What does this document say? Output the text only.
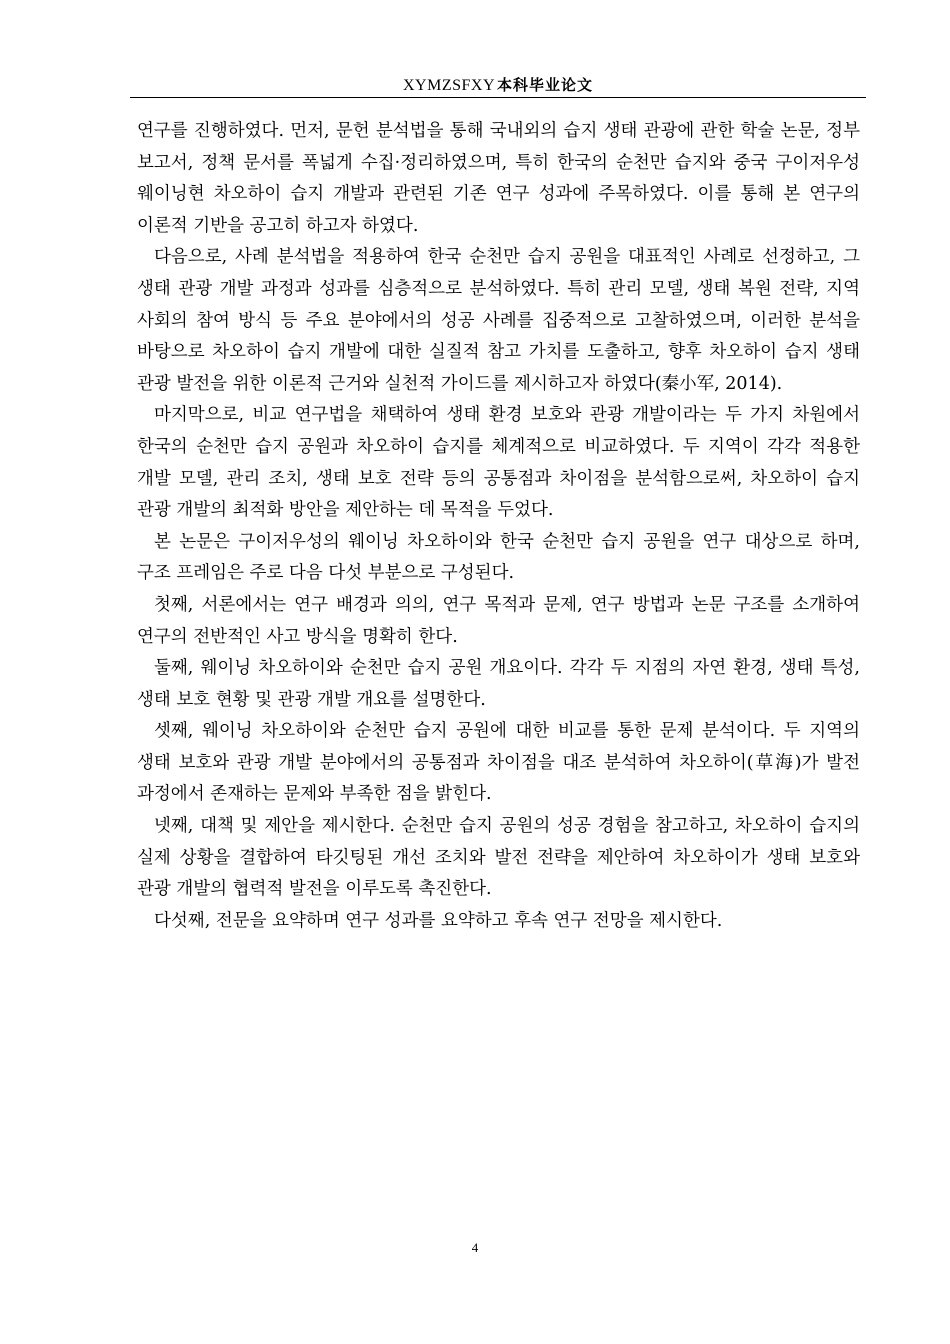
XYMZSFXY 本科毕业论文

연구를 진행하였다. 먼저, 문헌 분석법을 통해 국내외의 습지 생태 관광에 관한 학술 논문, 정부 보고서, 정책 문서를 폭넓게 수집·정리하였으며, 특히 한국의 순천만 습지와 중국 구이저우성 웨이닝현 차오하이 습지 개발과 관련된 기존 연구 성과에 주목하였다. 이를 통해 본 연구의 이론적 기반을 공고히 하고자 하였다.

다음으로, 사례 분석법을 적용하여 한국 순천만 습지 공원을 대표적인 사례로 선정하고, 그 생태 관광 개발 과정과 성과를 심층적으로 분석하였다. 특히 관리 모델, 생태 복원 전략, 지역 사회의 참여 방식 등 주요 분야에서의 성공 사례를 집중적으로 고찰하였으며, 이러한 분석을 바탕으로 차오하이 습지 개발에 대한 실질적 참고 가치를 도출하고, 향후 차오하이 습지 생태 관광 발전을 위한 이론적 근거와 실천적 가이드를 제시하고자 하였다(秦小军, 2014).

마지막으로, 비교 연구법을 채택하여 생태 환경 보호와 관광 개발이라는 두 가지 차원에서 한국의 순천만 습지 공원과 차오하이 습지를 체계적으로 비교하였다. 두 지역이 각각 적용한 개발 모델, 관리 조치, 생태 보호 전략 등의 공통점과 차이점을 분석함으로써, 차오하이 습지 관광 개발의 최적화 방안을 제안하는 데 목적을 두었다.

본 논문은 구이저우성의 웨이닝 차오하이와 한국 순천만 습지 공원을 연구 대상으로 하며, 구조 프레임은 주로 다음 다섯 부분으로 구성된다.

첫째, 서론에서는 연구 배경과 의의, 연구 목적과 문제, 연구 방법과 논문 구조를 소개하여 연구의 전반적인 사고 방식을 명확히 한다.

둘째, 웨이닝 차오하이와 순천만 습지 공원 개요이다. 각각 두 지점의 자연 환경, 생태 특성, 생태 보호 현황 및 관광 개발 개요를 설명한다.

셋째, 웨이닝 차오하이와 순천만 습지 공원에 대한 비교를 통한 문제 분석이다. 두 지역의 생태 보호와 관광 개발 분야에서의 공통점과 차이점을 대조 분석하여 차오하이(草海)가 발전 과정에서 존재하는 문제와 부족한 점을 밝힌다.

넷째, 대책 및 제안을 제시한다. 순천만 습지 공원의 성공 경험을 참고하고, 차오하이 습지의 실제 상황을 결합하여 타깃팅된 개선 조치와 발전 전략을 제안하여 차오하이가 생태 보호와 관광 개발의 협력적 발전을 이루도록 촉진한다.

다섯째, 전문을 요약하며 연구 성과를 요약하고 후속 연구 전망을 제시한다.

4
